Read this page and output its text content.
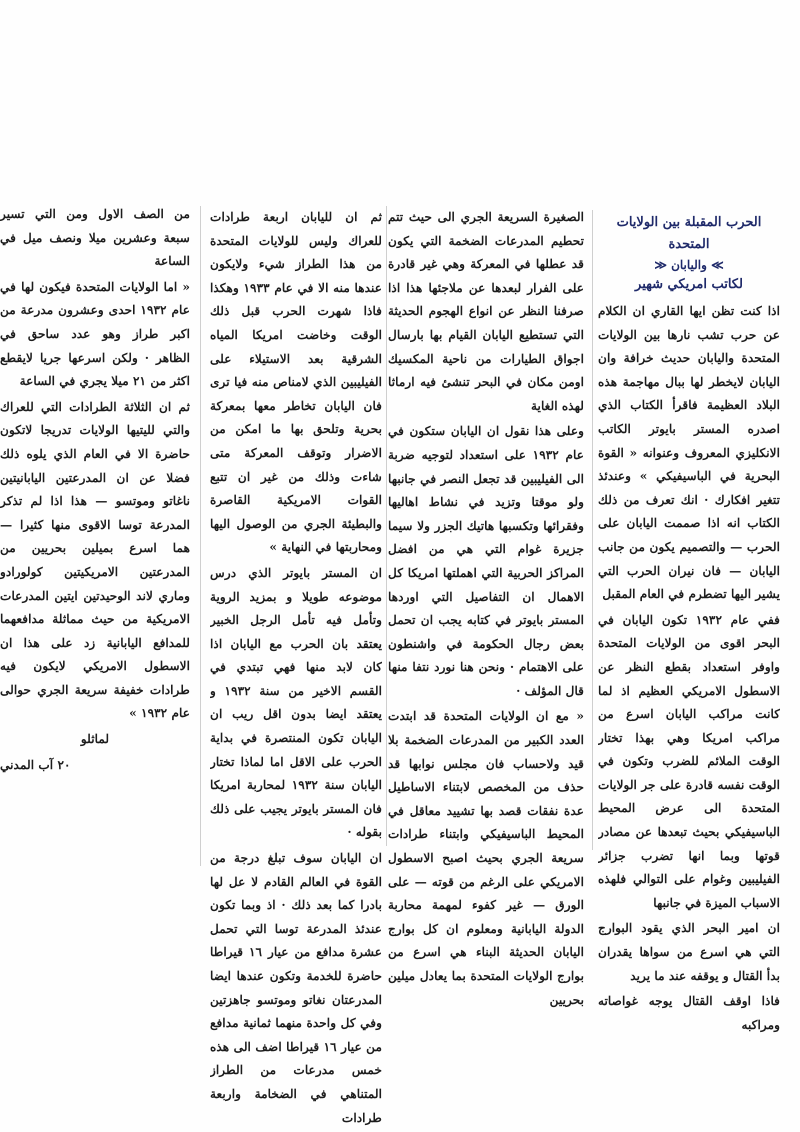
الحرب المقبلة بين الولايات المتحدة
≫ واليابان ≪
لكاتب امريكي شهير

اذا كنت تظن ايها القاري ان الكلام عن حرب تشب نارها بين الولايات المتحدة واليابان حديث خرافة وان اليابان لايخطر لها ببال مهاجمة هذه البلاد العظيمة فاقرأ الكتاب الذي اصدره المستر بايوتر الكاتب الانكليزي المعروف وعنوانه « القوة البحرية في الباسيفيكي » وعندئذ تتغير افكارك · انك تعرف من ذلك الكتاب انه اذا صممت اليابان على الحرب — والتصميم يكون من جانب اليابان — فان نيران الحرب التي يشير اليها تضطرم في العام المقبل

ففي عام ١٩٣٢ تكون اليابان في البحر اقوى من الولايات المتحدة واوفر استعداد بقطع النظر عن الاسطول الامريكي العظيم اذ لما كانت مراكب اليابان اسرع من مراكب امريكا وهي بهذا تختار الوقت الملائم للضرب وتكون في الوقت نفسه قادرة على جر الولايات المتحدة الى عرض المحيط الباسيفيكي بحيث تبعدها عن مصادر قوتها وبما انها تضرب جزائر الفيليبين وغوام على التوالي فلهذه الاسباب الميزة في جانبها

ان امير البحر الذي يقود البوارج التي هي اسرع من سواها يقدران بدأ القتال و يوقفه عند ما يريد

فاذا اوقف القتال يوجه غواصاته ومراكبه

الصغيرة السريعة الجري الى حيث تتم تحطيم المدرعات الضخمة التي يكون قد عطلها في المعركة وهي غير قادرة على الفرار لبعدها عن ملاجئها هذا اذا صرفنا النظر عن انواع الهجوم الحديثة التي تستطيع اليابان القيام بها بارسال اجواق الطيارات من ناحية المكسيك اومن مكان في البحر تنشئ فيه ارماثا لهذه الغاية

وعلى هذا نقول ان اليابان ستكون في عام ١٩٣٢ على استعداد لتوجيه ضربة الى الفيليبين قد تجعل النصر في جانبها ولو موقتا وتزيد في نشاط اهاليها وفقرائها وتكسبها هاتيك الجزر ولا سيما جزيرة غوام التي هي من افضل المراكز الحربية التي اهملتها امريكا كل الاهمال ان التفاصيل التي اوردها المستر بايوتر في كتابه يجب ان تحمل بعض رجال الحكومة في واشنطون على الاهتمام · ونحن هنا نورد نتفا منها قال المؤلف ·

« مع ان الولايات المتحدة قد ابتدت العدد الكبير من المدرعات الضخمة بلا قيد ولاحساب فان مجلس نوابها قد حذف من المخصص لابتناء الاساطيل عدة نفقات قصد بها تشييد معاقل في المحيط الباسيفيكي وابتناء طرادات سريعة الجري بحيث اصبح الاسطول الامريكي على الرغم من قوته — على الورق — غير كفوء لمهمة محاربة الدولة اليابانية ومعلوم ان كل بوارج اليابان الحديثة البناء هي اسرع من بوارج الولايات المتحدة بما يعادل ميلين بحريين

ثم ان لليابان اربعة طرادات للعراك وليس للولايات المتحدة من هذا الطراز شيء ولايكون عندها منه الا في عام ١٩٣٣ وهكذا فاذا شهرت الحرب قبل ذلك الوقت وخاضت امريكا المياه الشرقية بعد الاستيلاء على الفيليبين الذي لامناص منه فيا ترى فان اليابان تخاطر معها بمعركة بحرية وتلحق بها ما امكن من الاضرار وتوقف المعركة متى شاءت وذلك من غير ان تتبع القوات الامريكية القاصرة والبطيئة الجري من الوصول اليها ومحاربتها في النهاية »

ان المستر بايوتر الذي درس موضوعه طويلا و بمزيد الروية وتأمل فيه تأمل الرجل الخبير يعتقد بان الحرب مع اليابان اذا كان لابد منها فهي تبتدي في القسم الاخير من سنة ١٩٣٢ و يعتقد ايضا بدون اقل ريب ان اليابان تكون المنتصرة في بداية الحرب على الاقل اما لماذا تختار اليابان سنة ١٩٣٢ لمحاربة امريكا فان المستر بايوتر يجيب على ذلك بقوله ·

ان اليابان سوف تبلغ درجة من القوة في العالم القادم لا عل لها بادرا كما بعد ذلك · اذ وبما تكون عندئذ المدرعة توسا التي تحمل عشرة مدافع من عيار ١٦ قيراطا حاضرة للخدمة وتكون عندها ايضا المدرعتان نغاتو وموتسو جاهزتين وفي كل واحدة منهما ثمانية مدافع من عيار ١٦ قيراطا اضف الى هذه خمس مدرعات من الطراز المتناهي في الضخامة واربعة طرادات

من الصف الاول ومن التي تسير سبعة وعشرين ميلا ونصف ميل في الساعة

« اما الولايات المتحدة فيكون لها في عام ١٩٣٢ احدى وعشرون مدرعة من اكبر طراز وهو عدد ساحق في الظاهر · ولكن اسرعها جريا لايقطع اكثر من ٢١ ميلا يجري في الساعة

ثم ان الثلاثة الطرادات التي للعراك والتي لليتيها الولايات تدريجا لاتكون حاضرة الا في العام الذي يلوه ذلك فضلا عن ان المدرعتين اليابانيتين ناغاتو وموتسو — هذا اذا لم تذكر المدرعة توسا الاقوى منها كثيرا — هما اسرع بميلين بحريين من المدرعتين الامريكيتين كولورادو وماري لاند الوحيدتين ايتين المدرعات الامريكية من حيث مماثلة مدافعهما للمدافع اليابانية زد على هذا ان الاسطول الامريكي لايكون فيه طرادات خفيفة سريعة الجري حوالى عام ١٩٣٢ »

لماثلو

٢٠ آب المدني
